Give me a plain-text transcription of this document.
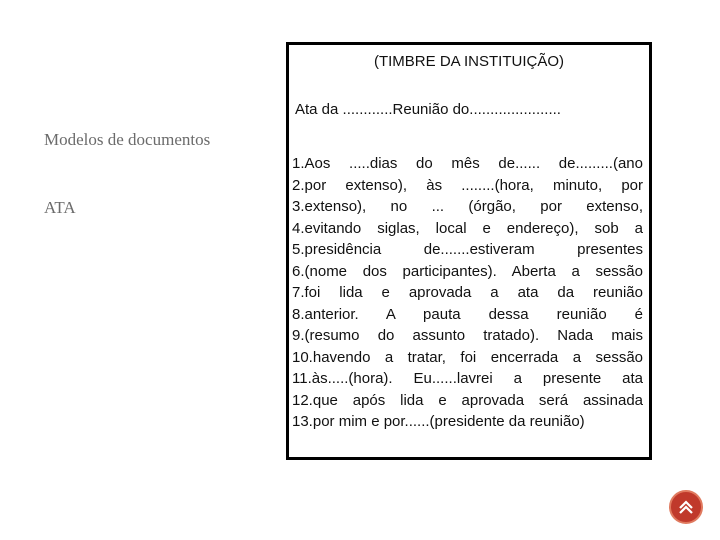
Modelos de documentos
ATA
(TIMBRE DA INSTITUIÇÃO)
Ata da ............Reunião do......................
1.Aos .....dias do mês de...... de.........(ano
2.por extenso), às ........(hora, minuto, por
3.extenso), no ... (órgão, por extenso,
4.evitando siglas, local e endereço), sob a
5.presidência de.......estiveram presentes
6.(nome dos participantes). Aberta a sessão
7.foi lida e aprovada a ata da reunião
8.anterior. A pauta dessa reunião é
9.(resumo do assunto tratado). Nada mais
10.havendo a tratar, foi encerrada a sessão
11.às.....(hora). Eu......lavrei a presente ata
12.que após lida e aprovada será assinada
13.por mim e por......(presidente da reunião)
